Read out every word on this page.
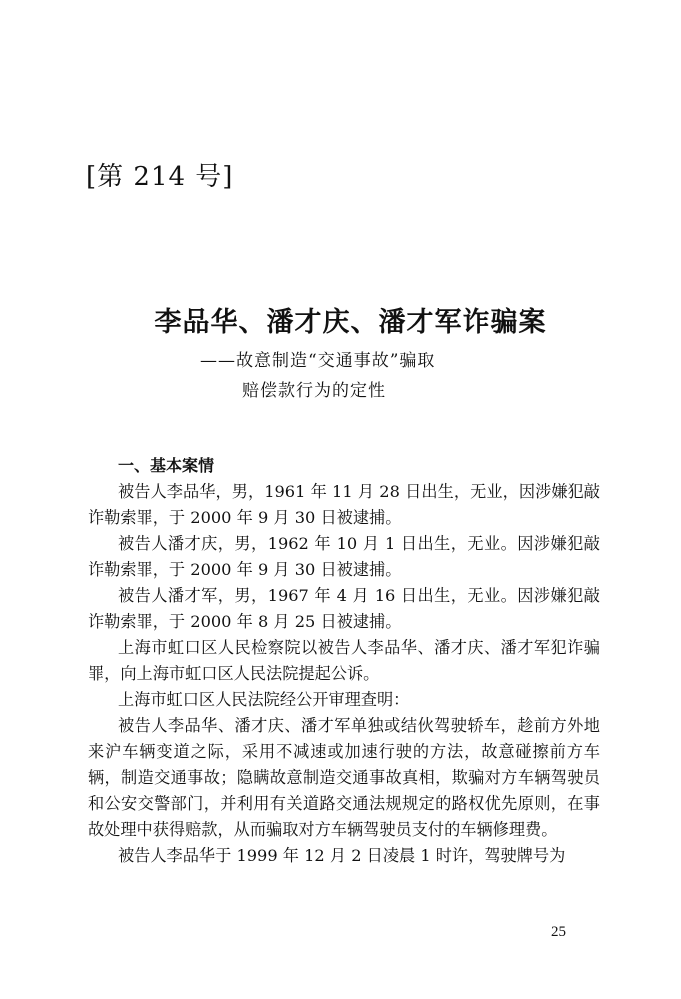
[第 214 号]
李品华、潘才庆、潘才军诈骗案
——故意制造“交通事故”骗取
赔偿款行为的定性
一、基本案情

被告人李品华，男，1961 年 11 月 28 日出生，无业，因涉嫌犯敲诈勒索罪，于 2000 年 9 月 30 日被逮捕。

被告人潘才庆，男，1962 年 10 月 1 日出生，无业。因涉嫌犯敲诈勒索罪，于 2000 年 9 月 30 日被逮捕。

被告人潘才军，男，1967 年 4 月 16 日出生，无业。因涉嫌犯敲诈勒索罪，于 2000 年 8 月 25 日被逮捕。

上海市虹口区人民检察院以被告人李品华、潘才庆、潘才军犯诈骗罪，向上海市虹口区人民法院提起公诉。

上海市虹口区人民法院经公开审理查明：

被告人李品华、潘才庆、潘才军单独或结伙驾驶轿车，趁前方外地来沪车辆变道之际，采用不减速或加速行驶的方法，故意碰擦前方车辆，制造交通事故；隐瞒故意制造交通事故真相，欺骗对方车辆驾驶员和公安交警部门，并利用有关道路交通法规规定的路权优先原则，在事故处理中获得赔款，从而骗取对方车辆驾驶员支付的车辆修理费。

被告人李品华于 1999 年 12 月 2 日凌晨 1 时许，驾驶牌号为

25
